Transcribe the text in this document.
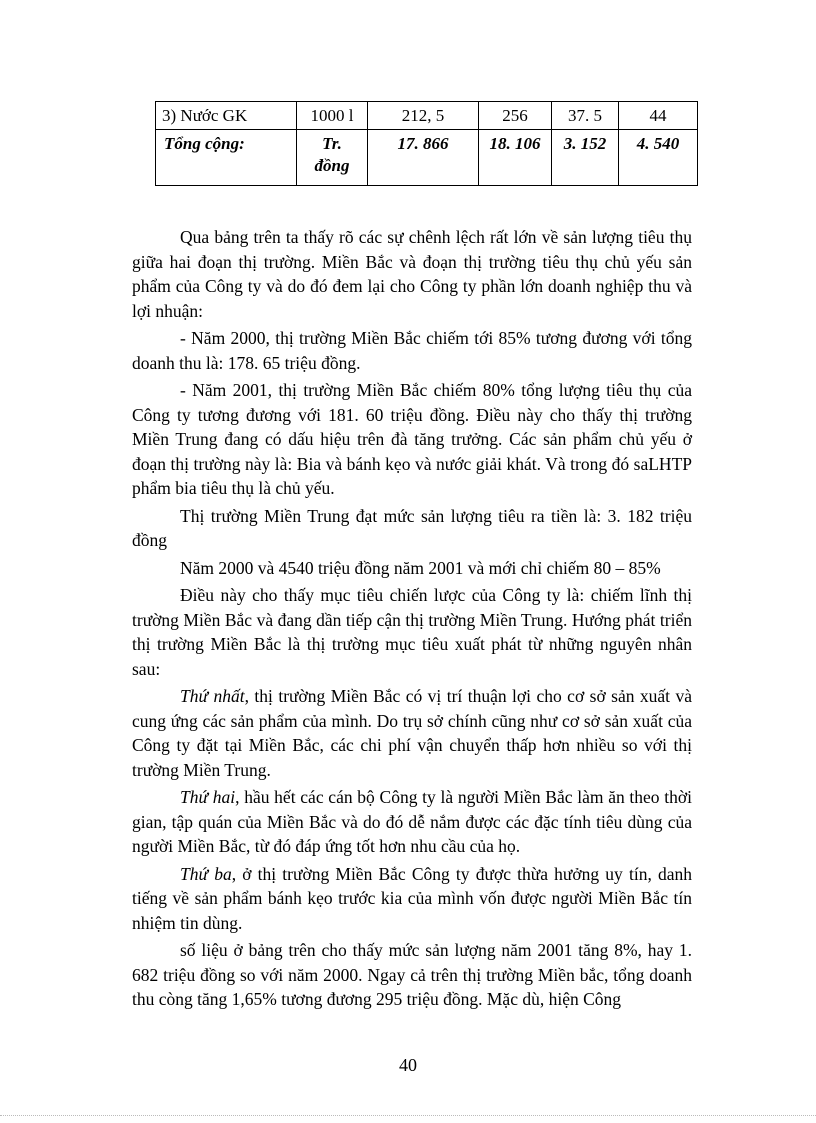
3) Nước GK	1000 l	212, 5	256	37. 5	44
Tổng cộng:	Tr. đồng	17. 866	18. 106	3. 152	4. 540

Qua bảng trên ta thấy rõ các sự chênh lệch rất lớn về sản lượng tiêu thụ giữa hai đoạn thị trường. Miền Bắc và đoạn thị trường tiêu thụ chủ yếu sản phẩm của Công ty và do đó đem lại cho Công ty phần lớn doanh nghiệp thu và lợi nhuận:

- Năm 2000, thị trường Miền Bắc chiếm tới 85% tương đương với tổng doanh thu là: 178. 65 triệu đồng.

- Năm 2001, thị trường Miền Bắc chiếm 80% tổng lượng tiêu thụ của Công ty tương đương với 181. 60 triệu đồng. Điều này cho thấy thị trường Miền Trung đang có dấu hiệu trên đà tăng trưởng. Các sản phẩm chủ yếu ở đoạn thị trường này là: Bia và bánh kẹo và nước giải khát. Và trong đó saLHTP phẩm bia tiêu thụ là chủ yếu.

Thị trường Miền Trung đạt mức sản lượng tiêu ra tiền là: 3. 182 triệu đồng

Năm 2000 và 4540 triệu đồng năm 2001 và mới chỉ chiếm 80 – 85%

Điều này cho thấy mục tiêu chiến lược của Công ty là: chiếm lĩnh thị trường Miền Bắc và đang dần tiếp cận thị trường Miền Trung. Hướng phát triển thị trường Miền Bắc là thị trường mục tiêu xuất phát từ những nguyên nhân sau:

Thứ nhất, thị trường Miền Bắc có vị trí thuận lợi cho cơ sở sản xuất và cung ứng các sản phẩm của mình. Do trụ sở chính cũng như cơ sở sản xuất của Công ty đặt tại Miền Bắc, các chi phí vận chuyển thấp hơn nhiều so với thị trường Miền Trung.

Thứ hai, hầu hết các cán bộ Công ty là người Miền Bắc làm ăn theo thời gian, tập quán của Miền Bắc và do đó dễ nắm được các đặc tính tiêu dùng của người Miền Bắc, từ đó đáp ứng tốt hơn nhu cầu của họ.

Thứ ba, ở thị trường Miền Bắc Công ty được thừa hưởng uy tín, danh tiếng về sản phẩm bánh kẹo trước kia của mình vốn được người Miền Bắc tín nhiệm tin dùng.

số liệu ở bảng trên cho thấy mức sản lượng năm 2001 tăng 8%, hay 1. 682 triệu đồng so với năm 2000. Ngay cả trên thị trường Miền bắc, tổng doanh thu còng tăng 1,65% tương đương 295 triệu đồng. Mặc dù, hiện Công

40
